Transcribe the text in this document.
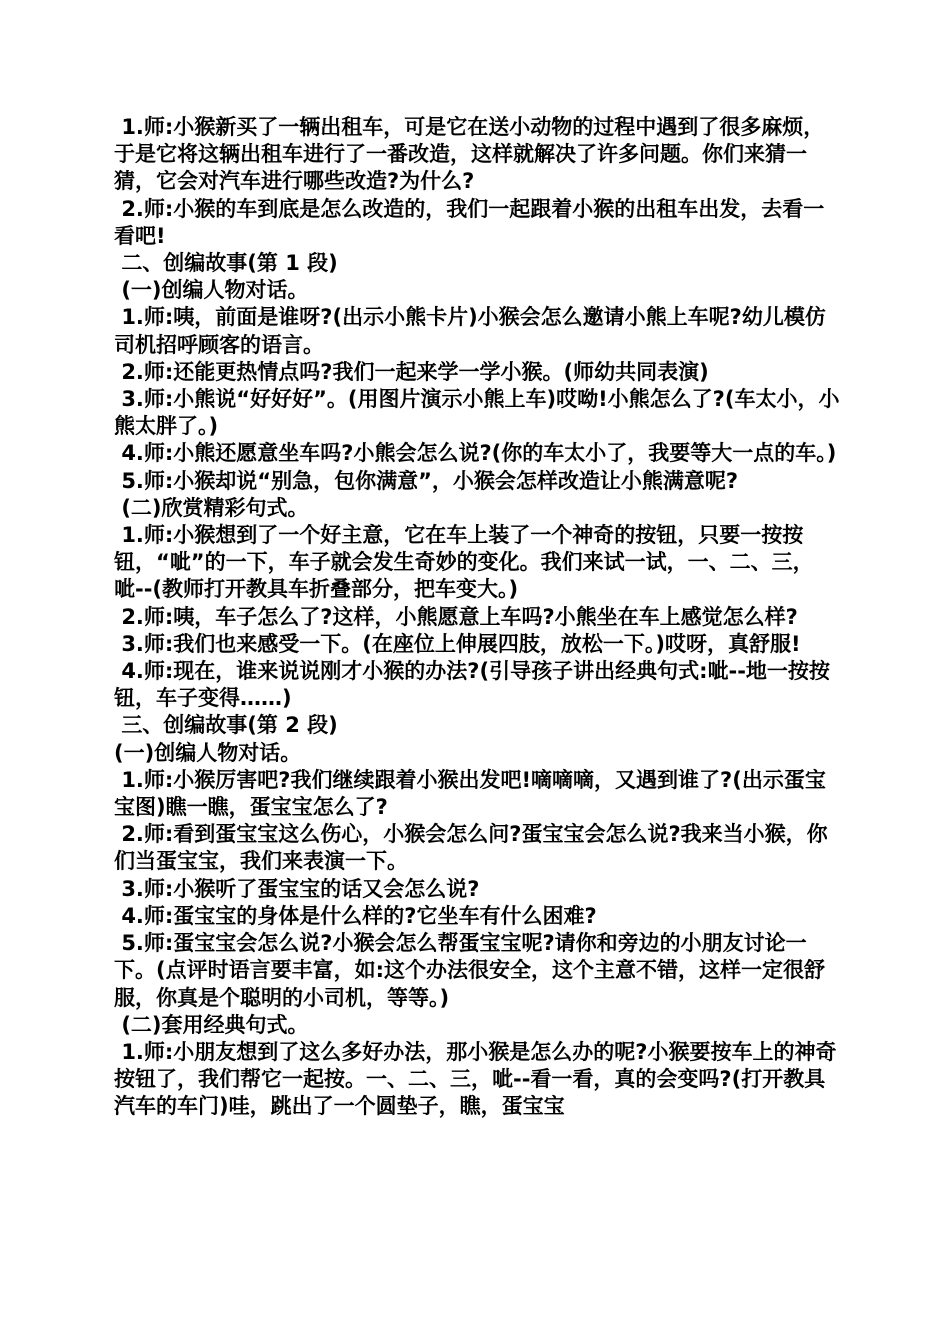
1.师:小猴新买了一辆出租车，可是它在送小动物的过程中遇到了很多麻烦，于是它将这辆出租车进行了一番改造，这样就解决了许多问题。你们来猜一猜，它会对汽车进行哪些改造?为什么?

2.师:小猴的车到底是怎么改造的，我们一起跟着小猴的出租车出发，去看一看吧!

二、创编故事(第 1 段)

(一)创编人物对话。

1.师:咦，前面是谁呀?(出示小熊卡片)小猴会怎么邀请小熊上车呢?幼儿模仿司机招呼顾客的语言。

2.师:还能更热情点吗?我们一起来学一学小猴。(师幼共同表演)

3.师:小熊说“好好好”。(用图片演示小熊上车)哎呦!小熊怎么了?(车太小，小熊太胖了。)

4.师:小熊还愿意坐车吗?小熊会怎么说?(你的车太小了，我要等大一点的车。)

5.师:小猴却说“别急，包你满意”，小猴会怎样改造让小熊满意呢?

(二)欣赏精彩句式。

1.师:小猴想到了一个好主意，它在车上装了一个神奇的按钮，只要一按按钮，“呲”的一下，车子就会发生奇妙的变化。我们来试一试，一、二、三，呲--(教师打开教具车折叠部分，把车变大。)

2.师:咦，车子怎么了?这样，小熊愿意上车吗?小熊坐在车上感觉怎么样?

3.师:我们也来感受一下。(在座位上伸展四肢，放松一下。)哎呀，真舒服!

4.师:现在，谁来说说刚才小猴的办法?(引导孩子讲出经典句式:呲--地一按按钮，车子变得……)

三、创编故事(第 2 段)

(一)创编人物对话。

1.师:小猴厉害吧?我们继续跟着小猴出发吧!嘀嘀嘀，又遇到谁了?(出示蛋宝宝图)瞧一瞧，蛋宝宝怎么了?

2.师:看到蛋宝宝这么伤心，小猴会怎么问?蛋宝宝会怎么说?我来当小猴，你们当蛋宝宝，我们来表演一下。

3.师:小猴听了蛋宝宝的话又会怎么说?

4.师:蛋宝宝的身体是什么样的?它坐车有什么困难?

5.师:蛋宝宝会怎么说?小猴会怎么帮蛋宝宝呢?请你和旁边的小朋友讨论一下。(点评时语言要丰富，如:这个办法很安全，这个主意不错，这样一定很舒服，你真是个聪明的小司机，等等。)

(二)套用经典句式。

1.师:小朋友想到了这么多好办法，那小猴是怎么办的呢?小猴要按车上的神奇按钮了，我们帮它一起按。一、二、三，呲--看一看，真的会变吗?(打开教具汽车的车门)哇，跳出了一个圆垫子，瞧，蛋宝宝
